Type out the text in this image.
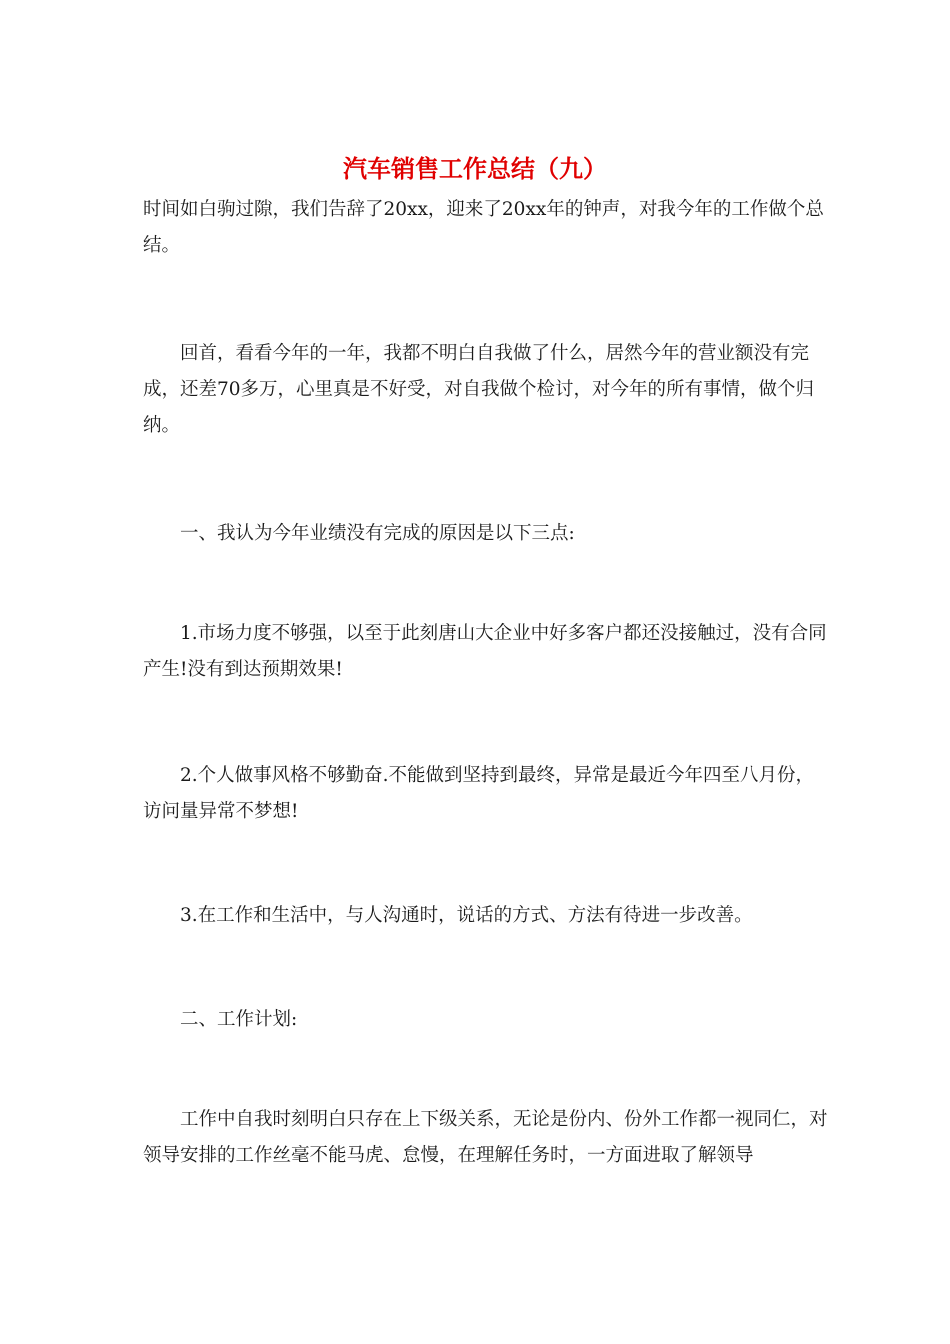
汽车销售工作总结（九）

时间如白驹过隙，我们告辞了20xx，迎来了20xx年的钟声，对我今年的工作做个总结。

回首，看看今年的一年，我都不明白自我做了什么，居然今年的营业额没有完成，还差70多万，心里真是不好受，对自我做个检讨，对今年的所有事情，做个归纳。

一、我认为今年业绩没有完成的原因是以下三点:

1.市场力度不够强，以至于此刻唐山大企业中好多客户都还没接触过，没有合同产生!没有到达预期效果!

2.个人做事风格不够勤奋.不能做到坚持到最终，异常是最近今年四至八月份，访问量异常不梦想!

3.在工作和生活中，与人沟通时，说话的方式、方法有待进一步改善。

二、工作计划:

工作中自我时刻明白只存在上下级关系，无论是份内、份外工作都一视同仁，对领导安排的工作丝毫不能马虎、怠慢，在理解任务时，一方面进取了解领导
